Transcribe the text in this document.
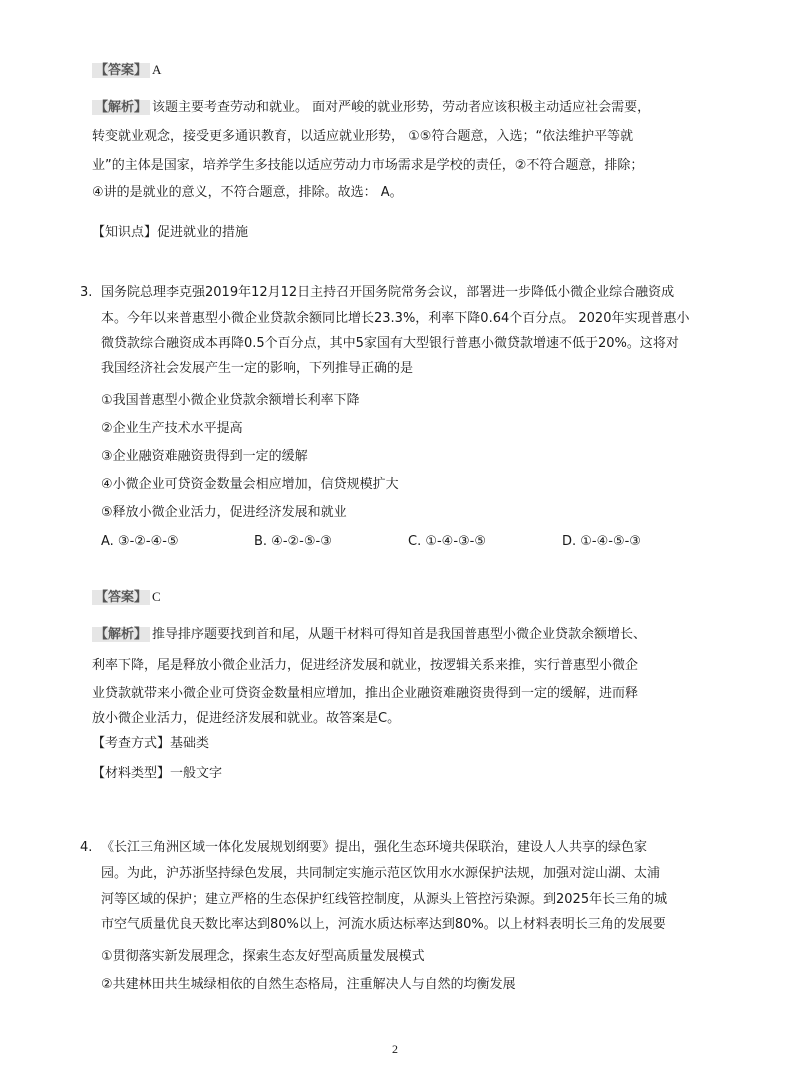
【答案】 A
【解析】 该题主要考查劳动和就业。 面对严峻的就业形势，劳动者应该积极主动适应社会需要，
转变就业观念，接受更多通识教育，以适应就业形势， ①⑤符合题意，入选；“依法维护平等就
业”的主体是国家，培养学生多技能以适应劳动力市场需求是学校的责任，②不符合题意，排除；
④讲的是就业的意义，不符合题意，排除。故选： A。
【知识点】促进就业的措施
3. 国务院总理李克强2019年12月12日主持召开国务院常务会议，部署进一步降低小微企业综合融资成
本。今年以来普惠型小微企业贷款余额同比增长23.3%，利率下降0.64个百分点。 2020年实现普惠小
微贷款综合融资成本再降0.5个百分点，其中5家国有大型银行普惠小微贷款增速不低于20%。这将对
我国经济社会发展产生一定的影响，下列推导正确的是
①我国普惠型小微企业贷款余额增长利率下降
②企业生产技术水平提高
③企业融资难融资贵得到一定的缓解
④小微企业可贷资金数量会相应增加，信贷规模扩大
⑤释放小微企业活力，促进经济发展和就业
A. ③-②-④-⑤	B. ④-②-⑤-③	C. ①-④-③-⑤	D. ①-④-⑤-③
【答案】 C
【解析】 推导排序题要找到首和尾，从题干材料可得知首是我国普惠型小微企业贷款余额增长、
利率下降，尾是释放小微企业活力，促进经济发展和就业，按逻辑关系来推，实行普惠型小微企
业贷款就带来小微企业可贷资金数量相应增加，推出企业融资难融资贵得到一定的缓解，进而释
放小微企业活力，促进经济发展和就业。故答案是C。
【考查方式】基础类
【材料类型】一般文字
4. 《长江三角洲区域一体化发展规划纲要》提出，强化生态环境共保联治，建设人人共享的绿色家
园。为此，沪苏浙坚持绿色发展，共同制定实施示范区饮用水水源保护法规，加强对淀山湖、太浦
河等区域的保护；建立严格的生态保护红线管控制度，从源头上管控污染源。到2025年长三角的城
市空气质量优良天数比率达到80%以上，河流水质达标率达到80%。以上材料表明长三角的发展要
①贯彻落实新发展理念，探索生态友好型高质量发展模式
②共建林田共生城绿相依的自然生态格局，注重解决人与自然的均衡发展
2
